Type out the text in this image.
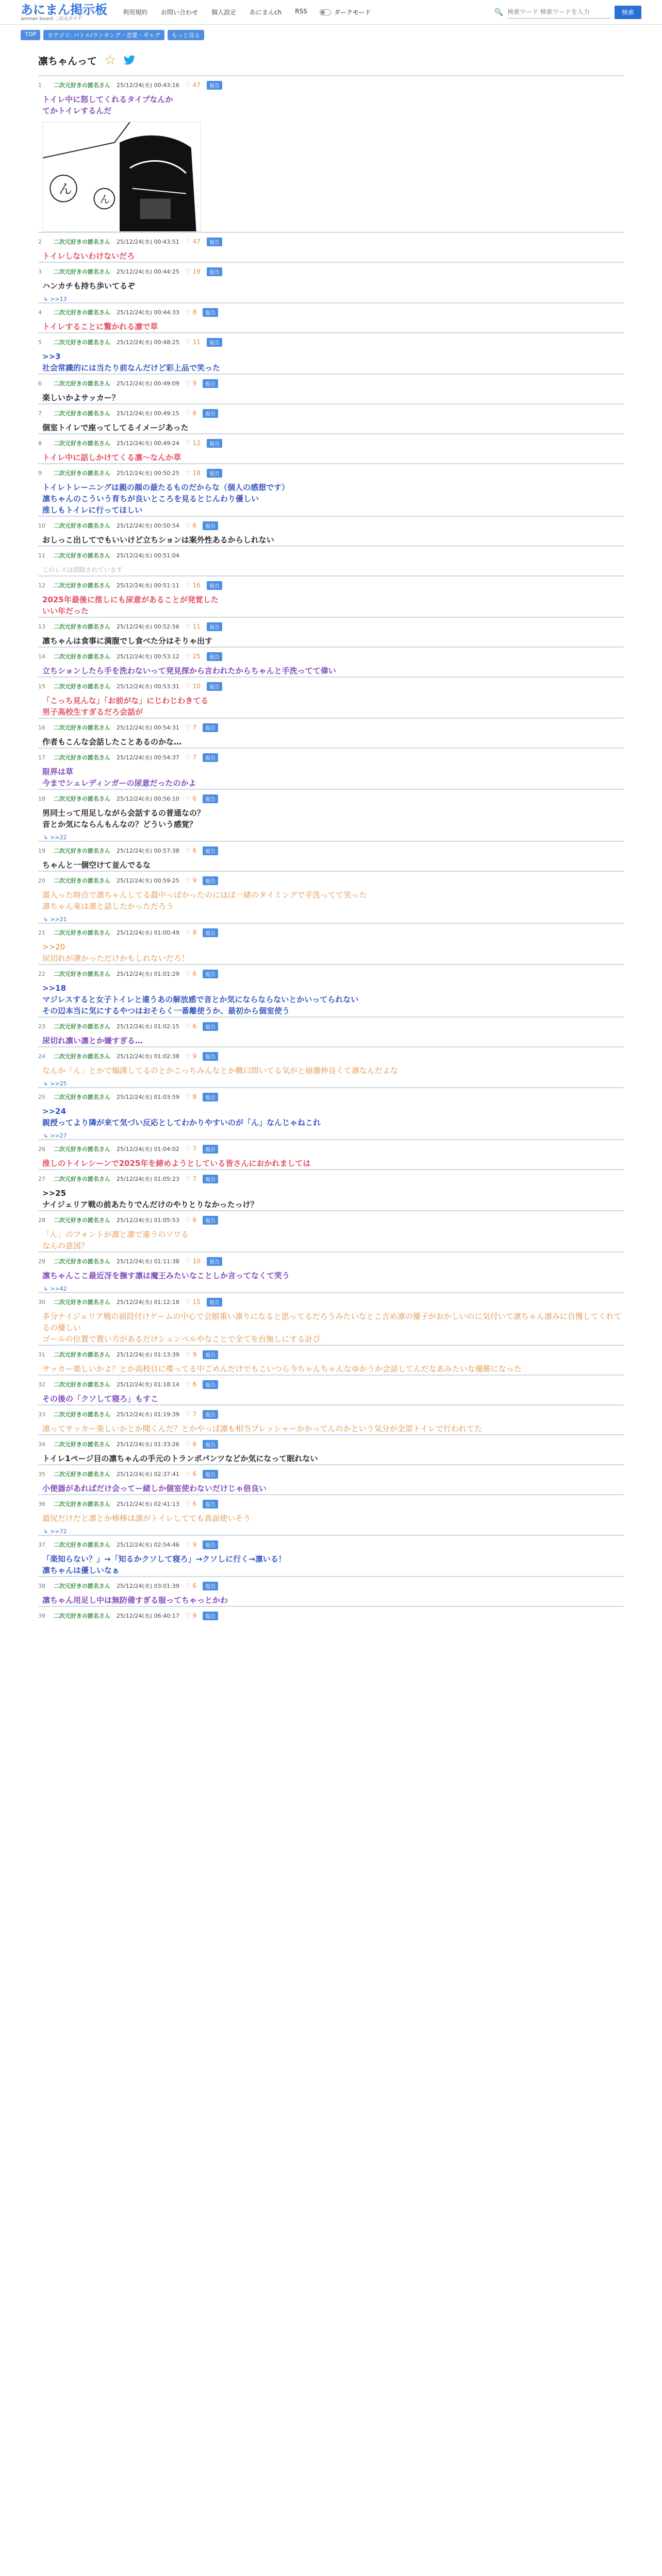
あにまん掲示板
animan board 二次元ボドゲ
利用規約 お問い合わせ 個人設定 あにまんch RSS	ダークモード	🔍
検索ワード 検索ワードを入力	検索
TOP	カテゴリ: バトル/ランキング・恋愛・ギャグ	もっと見る
凛ちゃんって ☆
1	二次元好きの匿名さん 25/12/24(水) 00:43:16 ♡ 47	報告
トイレ中に怒してくれるタイプなんか
てかトイレするんだ
ん
ん
2	二次元好きの匿名さん 25/12/24(水) 00:43:51 ♡ 47	報告
トイレしないわけないだろ
3	二次元好きの匿名さん 25/12/24(水) 00:44:25 ♡ 19	報告
ハンカチも持ち歩いてるぞ
↳ >>13
4	二次元好きの匿名さん 25/12/24(水) 00:44:33 ♡ 8	報告
トイレすることに驚かれる凛で草
5	二次元好きの匿名さん 25/12/24(水) 00:48:25 ♡ 11	報告
>>3
社会常識的には当たり前なんだけど彩上品で笑った
6	二次元好きの匿名さん 25/12/24(水) 00:49:09 ♡ 9	報告
楽しいかよサッカー？
7	二次元好きの匿名さん 25/12/24(水) 00:49:15 ♡ 6	報告
個室トイレで座ってしてるイメージあった
8	二次元好きの匿名さん 25/12/24(水) 00:49:24 ♡ 12	報告
トイレ中に話しかけてくる凛～なんか草
9	二次元好きの匿名さん 25/12/24(水) 00:50:25 ♡ 18	報告
トイレトレーニングは親の顔の最たるものだからな（個人の感想です）
凛ちゃんのこういう育ちが良いところを見るとじんわり優しい
推しもトイレに行ってほしい
10	二次元好きの匿名さん 25/12/24(水) 00:50:54 ♡ 6	報告
おしっこ出してでもいいけど立ちションは案外性あるからしれない
11	二次元好きの匿名さん 25/12/24(水) 00:51:04
このレスは削除されています
12	二次元好きの匿名さん 25/12/24(水) 00:51:11 ♡ 16	報告
2025年最後に推しにも尿意があることが発覚した
いい年だった
13	二次元好きの匿名さん 25/12/24(水) 00:52:56 ♡ 11	報告
凛ちゃんは食事に満腹でし食べた分はそりゃ出す
14	二次元好きの匿名さん 25/12/24(水) 00:53:12 ♡ 25	報告
立ちションしたら手を洗わないって発見探から言われたからちゃんと手洗ってて偉い
15	二次元好きの匿名さん 25/12/24(水) 00:53:31 ♡ 10	報告
「こっち見んな」「お前がな」にじわじわきてる
男子高校生すぎるだろ会話が
16	二次元好きの匿名さん 25/12/24(水) 00:54:31 ♡ 7	報告
作者もこんな会話したことあるのかな…
17	二次元好きの匿名さん 25/12/24(水) 00:54:37 ♡ 7	報告
限界は草
今までシュレディンガーの尿意だったのかよ
18	二次元好きの匿名さん 25/12/24(水) 00:56:10 ♡ 6	報告
男同士って用足しながら会話するの普通なの？
音とか気にならんもんなの？どういう感覚？
↳ >>22
19	二次元好きの匿名さん 25/12/24(水) 00:57:38 ♡ 6	報告
ちゃんと一個空けて並んでるな
20	二次元好きの匿名さん 25/12/24(水) 00:59:25 ♡ 9	報告
震入った時点で凛ちゃんしてる最中っぽかったのにほぼ一緒のタイミングで手洗ってて笑った
凛ちゃん束は凛と話したかっただろう
↳ >>21
21	二次元好きの匿名さん 25/12/24(水) 01:00:49 ♡ 8	報告
>>20
尿切れが凛かっただけかもしれないだろ！
22	二次元好きの匿名さん 25/12/24(水) 01:01:29 ♡ 6	報告
>>18
マジレスすると女子トイレと違うあの解放感で音とか気にならならないとかいってられない
その辺本当に気にするやつはおそらく一番離使うか、最初から個室使う
23	二次元好きの匿名さん 25/12/24(水) 01:02:15 ♡ 6	報告
尿切れ凛い凛とか嫌すぎる…
24	二次元好きの匿名さん 25/12/24(水) 01:02:38 ♡ 9	報告
なんか「ん」とかで煽課してるのとかこっちみんなとか概口問いてる気がと崩潮仲良くて凛なんだよな
↳ >>25
25	二次元好きの匿名さん 25/12/24(水) 01:03:59 ♡ 8	報告
>>24
親授ってより隣が来て気づい反応としてわかりやすいのが「ん」なんじゃねこれ
↳ >>27
26	二次元好きの匿名さん 25/12/24(水) 01:04:02 ♡ 7	報告
推しのトイレシーンで2025年を締めようとしている皆さんにおかれましては
27	二次元好きの匿名さん 25/12/24(水) 01:05:23 ♡ 7	報告
>>25
ナイジェリア戦の前あたりでんだけのやりとりなかったっけ？
28	二次元好きの匿名さん 25/12/24(水) 01:05:53 ♡ 6	報告
「ん」のフォントが凛と凛で違うのソワる
なんの意図？
29	二次元好きの匿名さん 25/12/24(水) 01:11:38 ♡ 10	報告
凛ちゃんここ最近冴を撫す凛は魔王みたいなことしか言ってなくて笑う
↳ >>42
30	二次元好きの匿名さん 25/12/24(水) 01:12:18 ♡ 15	報告
多分ナイジェリア戦の前段付けゲームの中心で会館重い凛りになると思ってるだろうみたいなとこ言め凛の優子がおかしいのに気付いて凛ちゃん凛みに自慢してくれてるの優しい
ゴールの位置で置い方があるだけシュンペルやなことで全てを台無しにする計ぴ
31	二次元好きの匿名さん 25/12/24(水) 01:13:39 ♡ 9	報告
サッカー楽しいかよ？とか高校目に喋ってる中ごめんだけでもこいつら今ちゃんちゃんなゆかうか会話してんだなあみたいな優勝になった
32	二次元好きの匿名さん 25/12/24(水) 01:18:14 ♡ 6	報告
その後の「クソして寝ろ」もすこ
33	二次元好きの匿名さん 25/12/24(水) 01:19:39 ♡ 7	報告
凛ってサッカー楽しいかとか聞くんだ？とかやっぱ凛も相当プレッシャーかかってんのかという気分が全部トイレで行われてた
34	二次元好きの匿名さん 25/12/24(水) 01:33:26 ♡ 6	報告
トイレ1ページ目の凛ちゃんの手元のトランポパンツなどか気になって眠れない
35	二次元好きの匿名さん 25/12/24(水) 02:37:41 ♡ 6	報告
小便器があればだけ会ってー緒しか個室使わないだけじゃ倍良い
36	二次元好きの匿名さん 25/12/24(水) 02:41:13 ♡ 6	報告
最尻だけだと凛とか棒棒は凛がトイレしてても真面使いそう
↳ >>72
37	二次元好きの匿名さん 25/12/24(水) 02:54:46 ♡ 9	報告
「楽知らない？」→「知るかクソして寝ろ」→クソしに行く→凛いる！
凛ちゃんは優しいなぁ
38	二次元好きの匿名さん 25/12/24(水) 03:01:39 ♡ 6	報告
凛ちゃん用足し中は無防備すぎる服ってちゃっとかわ
39	二次元好きの匿名さん 25/12/24(水) 06:40:17 ♡ 9	報告
